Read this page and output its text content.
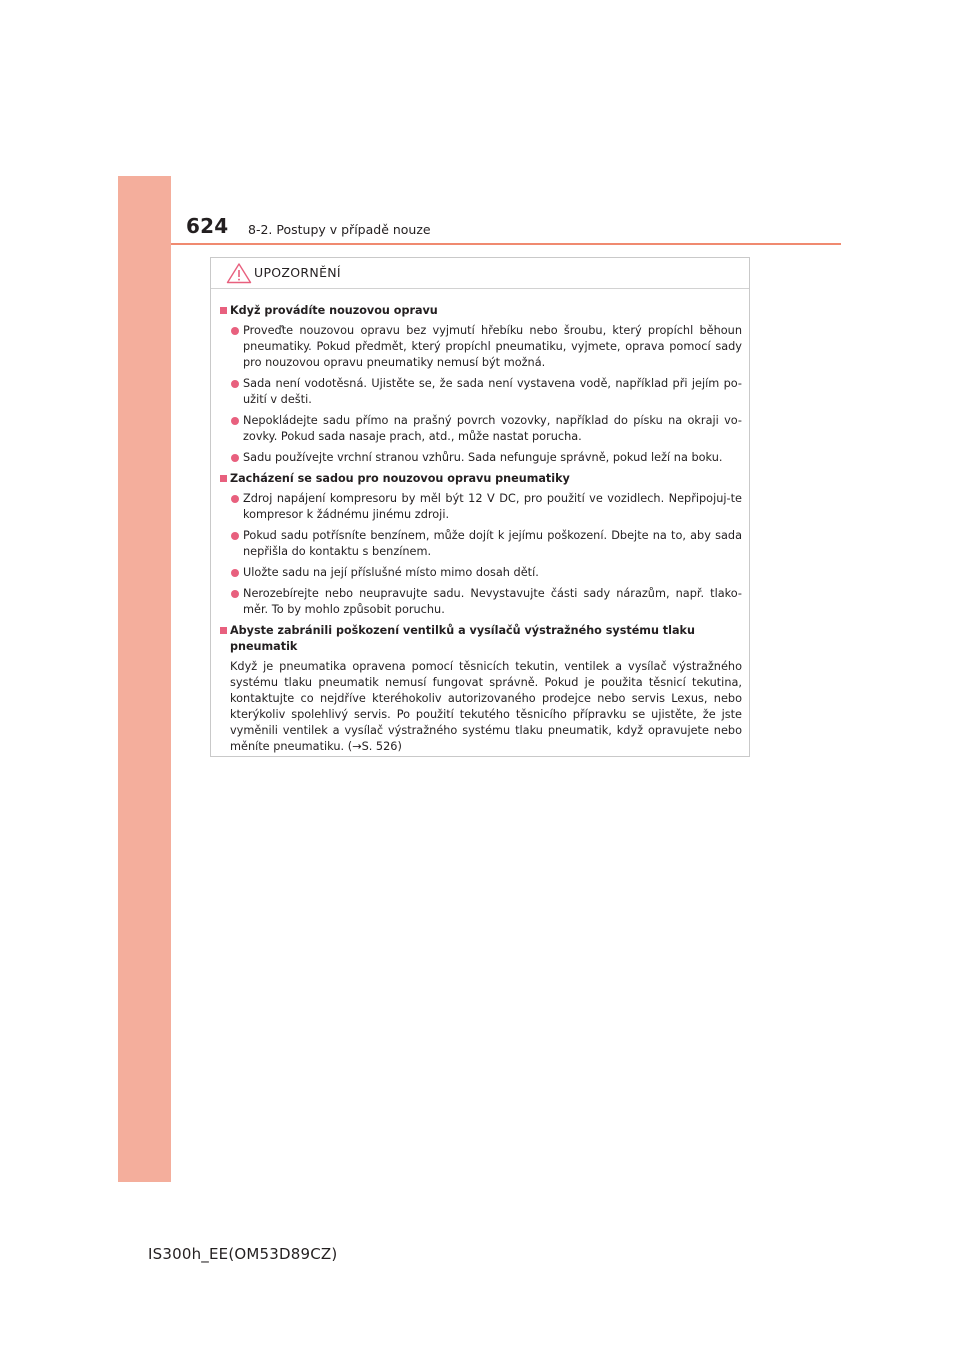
624 8-2. Postupy v případě nouze
UPOZORNĚNÍ
Když provádíte nouzovou opravu
Proveďte nouzovou opravu bez vyjmutí hřebíku nebo šroubu, který propíchl běhoun pneumatiky. Pokud předmět, který propíchl pneumatiku, vyjmete, oprava pomocí sady pro nouzovou opravu pneumatiky nemusí být možná.
Sada není vodotěsná. Ujistěte se, že sada není vystavena vodě, například při jejím po-užití v dešti.
Nepokládejte sadu přímo na prašný povrch vozovky, například do písku na okraji vo-zovky. Pokud sada nasaje prach, atd., může nastat porucha.
Sadu používejte vrchní stranou vzhůru. Sada nefunguje správně, pokud leží na boku.
Zacházení se sadou pro nouzovou opravu pneumatiky
Zdroj napájení kompresoru by měl být 12 V DC, pro použití ve vozidlech. Nepřipojuj-te kompresor k žádnému jinému zdroji.
Pokud sadu potřísníte benzínem, může dojít k jejímu poškození. Dbejte na to, aby sada nepřišla do kontaktu s benzínem.
Uložte sadu na její příslušné místo mimo dosah dětí.
Nerozebírejte nebo neupravujte sadu. Nevystavujte části sady nárazům, např. tlako-měr. To by mohlo způsobit poruchu.
Abyste zabránili poškození ventilků a vysílačů výstražného systému tlaku pneumatik
Když je pneumatika opravena pomocí těsnicích tekutin, ventilek a vysílač výstražného systému tlaku pneumatik nemusí fungovat správně. Pokud je použita těsnicí tekutina, kontaktujte co nejdříve kteréhokoliv autorizovaného prodejce nebo servis Lexus, nebo kterýkoliv spolehlivý servis. Po použití tekutého těsnicího přípravku se ujistěte, že jste vyměnili ventilek a vysílač výstražného systému tlaku pneumatik, když opravujete nebo měníte pneumatiku. (→S. 526)
IS300h_EE(OM53D89CZ)
